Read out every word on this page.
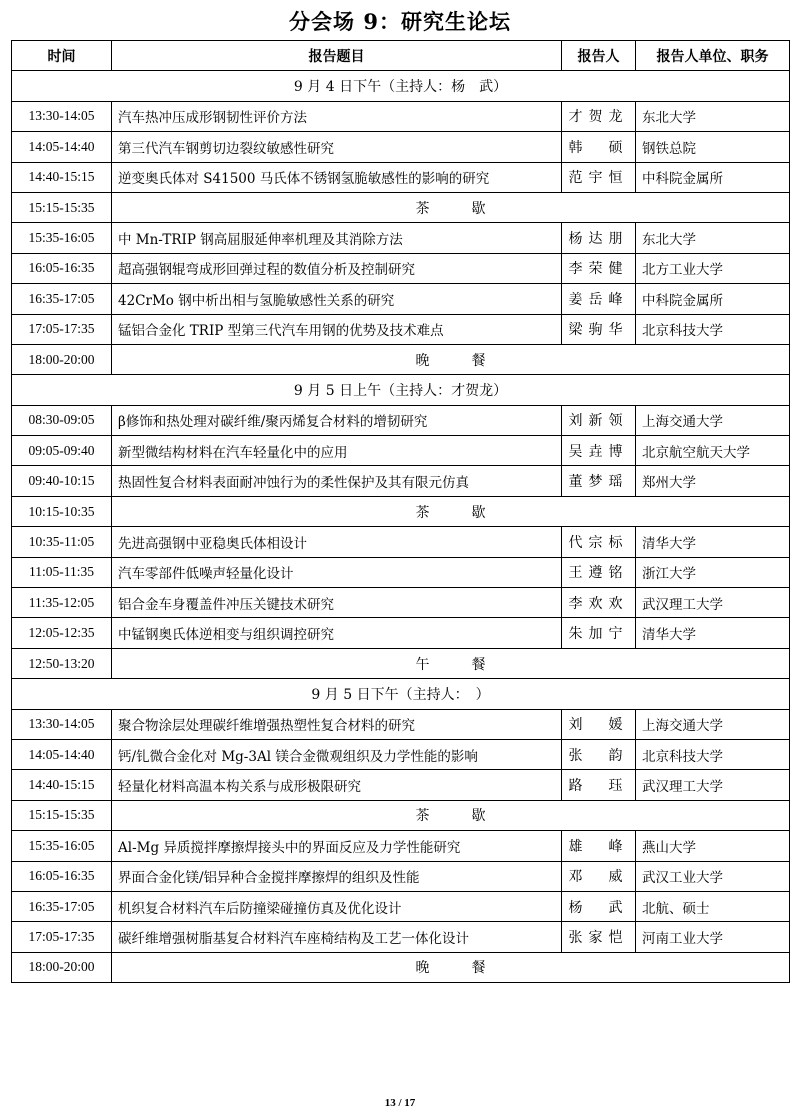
分会场 9：研究生论坛
时间	报告题目	报告人	报告人单位、职务
9 月 4 日下午（主持人：杨　武）			
13:30-14:05	汽车热冲压成形钢韧性评价方法	才贺龙	东北大学
14:05-14:40	第三代汽车钢剪切边裂纹敏感性研究	韩　硕	钢铁总院
14:40-15:15	逆变奥氏体对 S41500 马氏体不锈钢氢脆敏感性的影响的研究	范宇恒	中科院金属所
15:15-15:35	茶　　　歇		
15:35-16:05	中 Mn-TRIP 钢高屈服延伸率机理及其消除方法	杨达朋	东北大学
16:05-16:35	超高强钢辊弯成形回弹过程的数值分析及控制研究	李荣健	北方工业大学
16:35-17:05	42CrMo 钢中析出相与氢脆敏感性关系的研究	姜岳峰	中科院金属所
17:05-17:35	锰铝合金化 TRIP 型第三代汽车用钢的优势及技术难点	梁驹华	北京科技大学
18:00-20:00	晚　　　餐		
9 月 5 日上午（主持人：才贺龙）			
08:30-09:05	β修饰和热处理对碳纤维/聚丙烯复合材料的增韧研究	刘新领	上海交通大学
09:05-09:40	新型微结构材料在汽车轻量化中的应用	吴垚博	北京航空航天大学
09:40-10:15	热固性复合材料表面耐冲蚀行为的柔性保护及其有限元仿真	董梦瑶	郑州大学
10:15-10:35	茶　　　歇		
10:35-11:05	先进高强钢中亚稳奥氏体相设计	代宗标	清华大学
11:05-11:35	汽车零部件低噪声轻量化设计	王遵铭	浙江大学
11:35-12:05	铝合金车身覆盖件冲压关键技术研究	李欢欢	武汉理工大学
12:05-12:35	中锰钢奥氏体逆相变与组织调控研究	朱加宁	清华大学
12:50-13:20	午　　　餐		
9 月 5 日下午（主持人：　）			
13:30-14:05	聚合物涂层处理碳纤维增强热塑性复合材料的研究	刘　媛	上海交通大学
14:05-14:40	钙/钆微合金化对 Mg-3Al 镁合金微观组织及力学性能的影响	张　韵	北京科技大学
14:40-15:15	轻量化材料高温本构关系与成形极限研究	路　珏	武汉理工大学
15:15-15:35	茶　　　歇		
15:35-16:05	Al-Mg 异质搅拌摩擦焊接头中的界面反应及力学性能研究	雄　峰	燕山大学
16:05-16:35	界面合金化镁/铝异种合金搅拌摩擦焊的组织及性能	邓　威	武汉工业大学
16:35-17:05	机织复合材料汽车后防撞梁碰撞仿真及优化设计	杨　武	北航、硕士
17:05-17:35	碳纤维增强树脂基复合材料汽车座椅结构及工艺一体化设计	张家恺	河南工业大学
18:00-20:00	晚　　　餐		
13 / 17
